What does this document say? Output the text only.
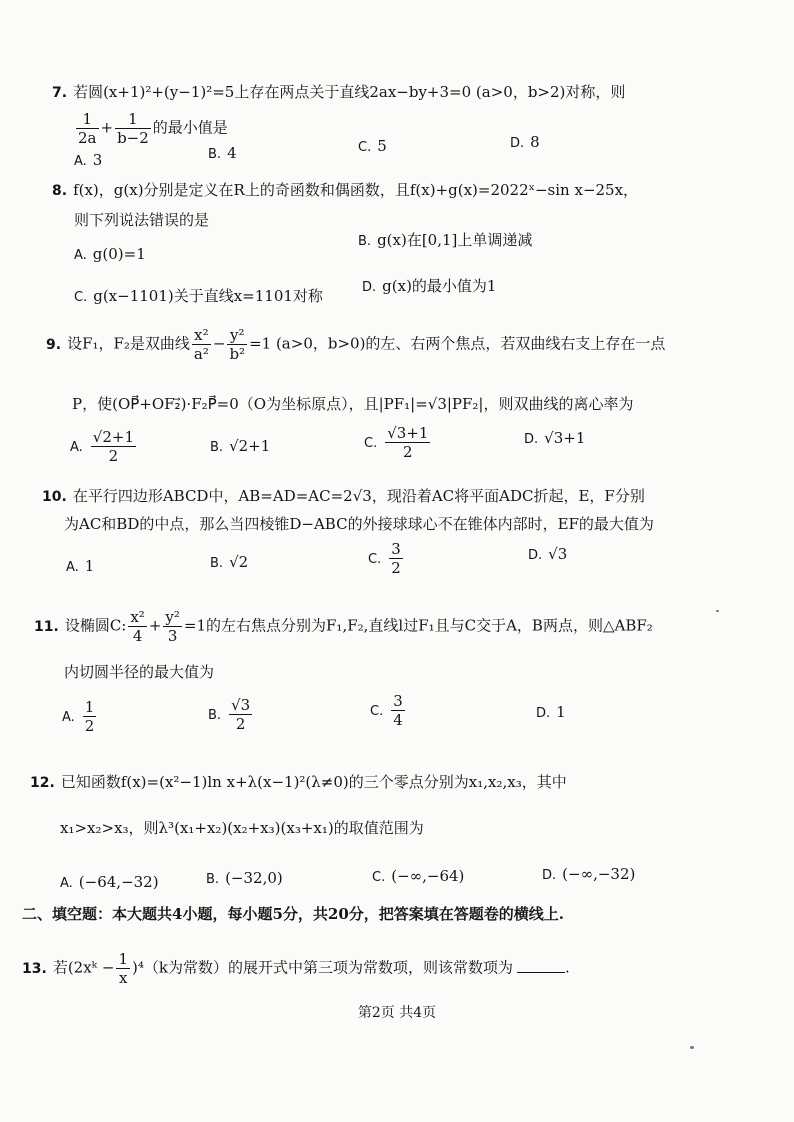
7. 若圆(x+1)²+(y−1)²=5上存在两点关于直线2ax−by+3=0 (a>0，b>2)对称，则
$\frac{1}{2a} + \frac{1}{b-2}$ 的最小值是
A. 3	B. 4	C. 5	D. 8
8. f(x)，g(x)分别是定义在R上的奇函数和偶函数，且f(x)+g(x)=2022ˣ−sin x−25x，
则下列说法错误的是
A. g(0)=1
B. g(x)在[0,1]上单调递减
C. g(x−1101)关于直线x=1101对称	D. g(x)的最小值为1
9. 设F₁，F₂是双曲线 $\frac{\text{x²}}{\text{a²}} - \frac{\text{y²}}{\text{b²}} =1$ (a>0，b>0)的左、右两个焦点，若双曲线右支上存在一点
P，使(OP⃗+OF₂⃗)·F₂P⃗=0（O为坐标原点），且|PF₁|=√3|PF₂|，则双曲线的离心率为
A. $\frac{√2+1}{2}$	B. √2+1	C. $\frac{√3+1}{2}$	D. √3+1
10. 在平行四边形ABCD中，AB=AD=AC=2√3，现沿着AC将平面ADC折起，E，F分别
为AC和BD的中点，那么当四棱锥D−ABC的外接球球心不在锥体内部时，EF的最大值为
A. 1	B. √2	C. $\frac{3}{2}$	D. √3
11. 设椭圆C: $\frac{\text{x²}}{4} + \frac{\text{y²}}{3} =1$的左右焦点分别为F₁,F₂,直线l过F₁且与C交于A，B两点，则△ABF₂
内切圆半径的最大值为
A. $\frac{1}{2}$	B. $\frac{√3}{2}$	C. $\frac{3}{4}$	D. 1
12. 已知函数f(x)=(x²−1)ln x+λ(x−1)²(λ≠0)的三个零点分别为x₁,x₂,x₃，其中
x₁>x₂>x₃，则λ³(x₁+x₂)(x₂+x₃)(x₃+x₁)的取值范围为
A. (−64,−32)	B. (−32,0)	C. (−∞,−64)	D. (−∞,−32)
二、填空题：本大题共4小题，每小题5分，共20分，把答案填在答题卷的横线上.
13. 若(2xᵏ − $\frac{1}{x} )^4(k$为常数）的展开式中第三项为常数项，则该常数项为	.
第2页 共4页
